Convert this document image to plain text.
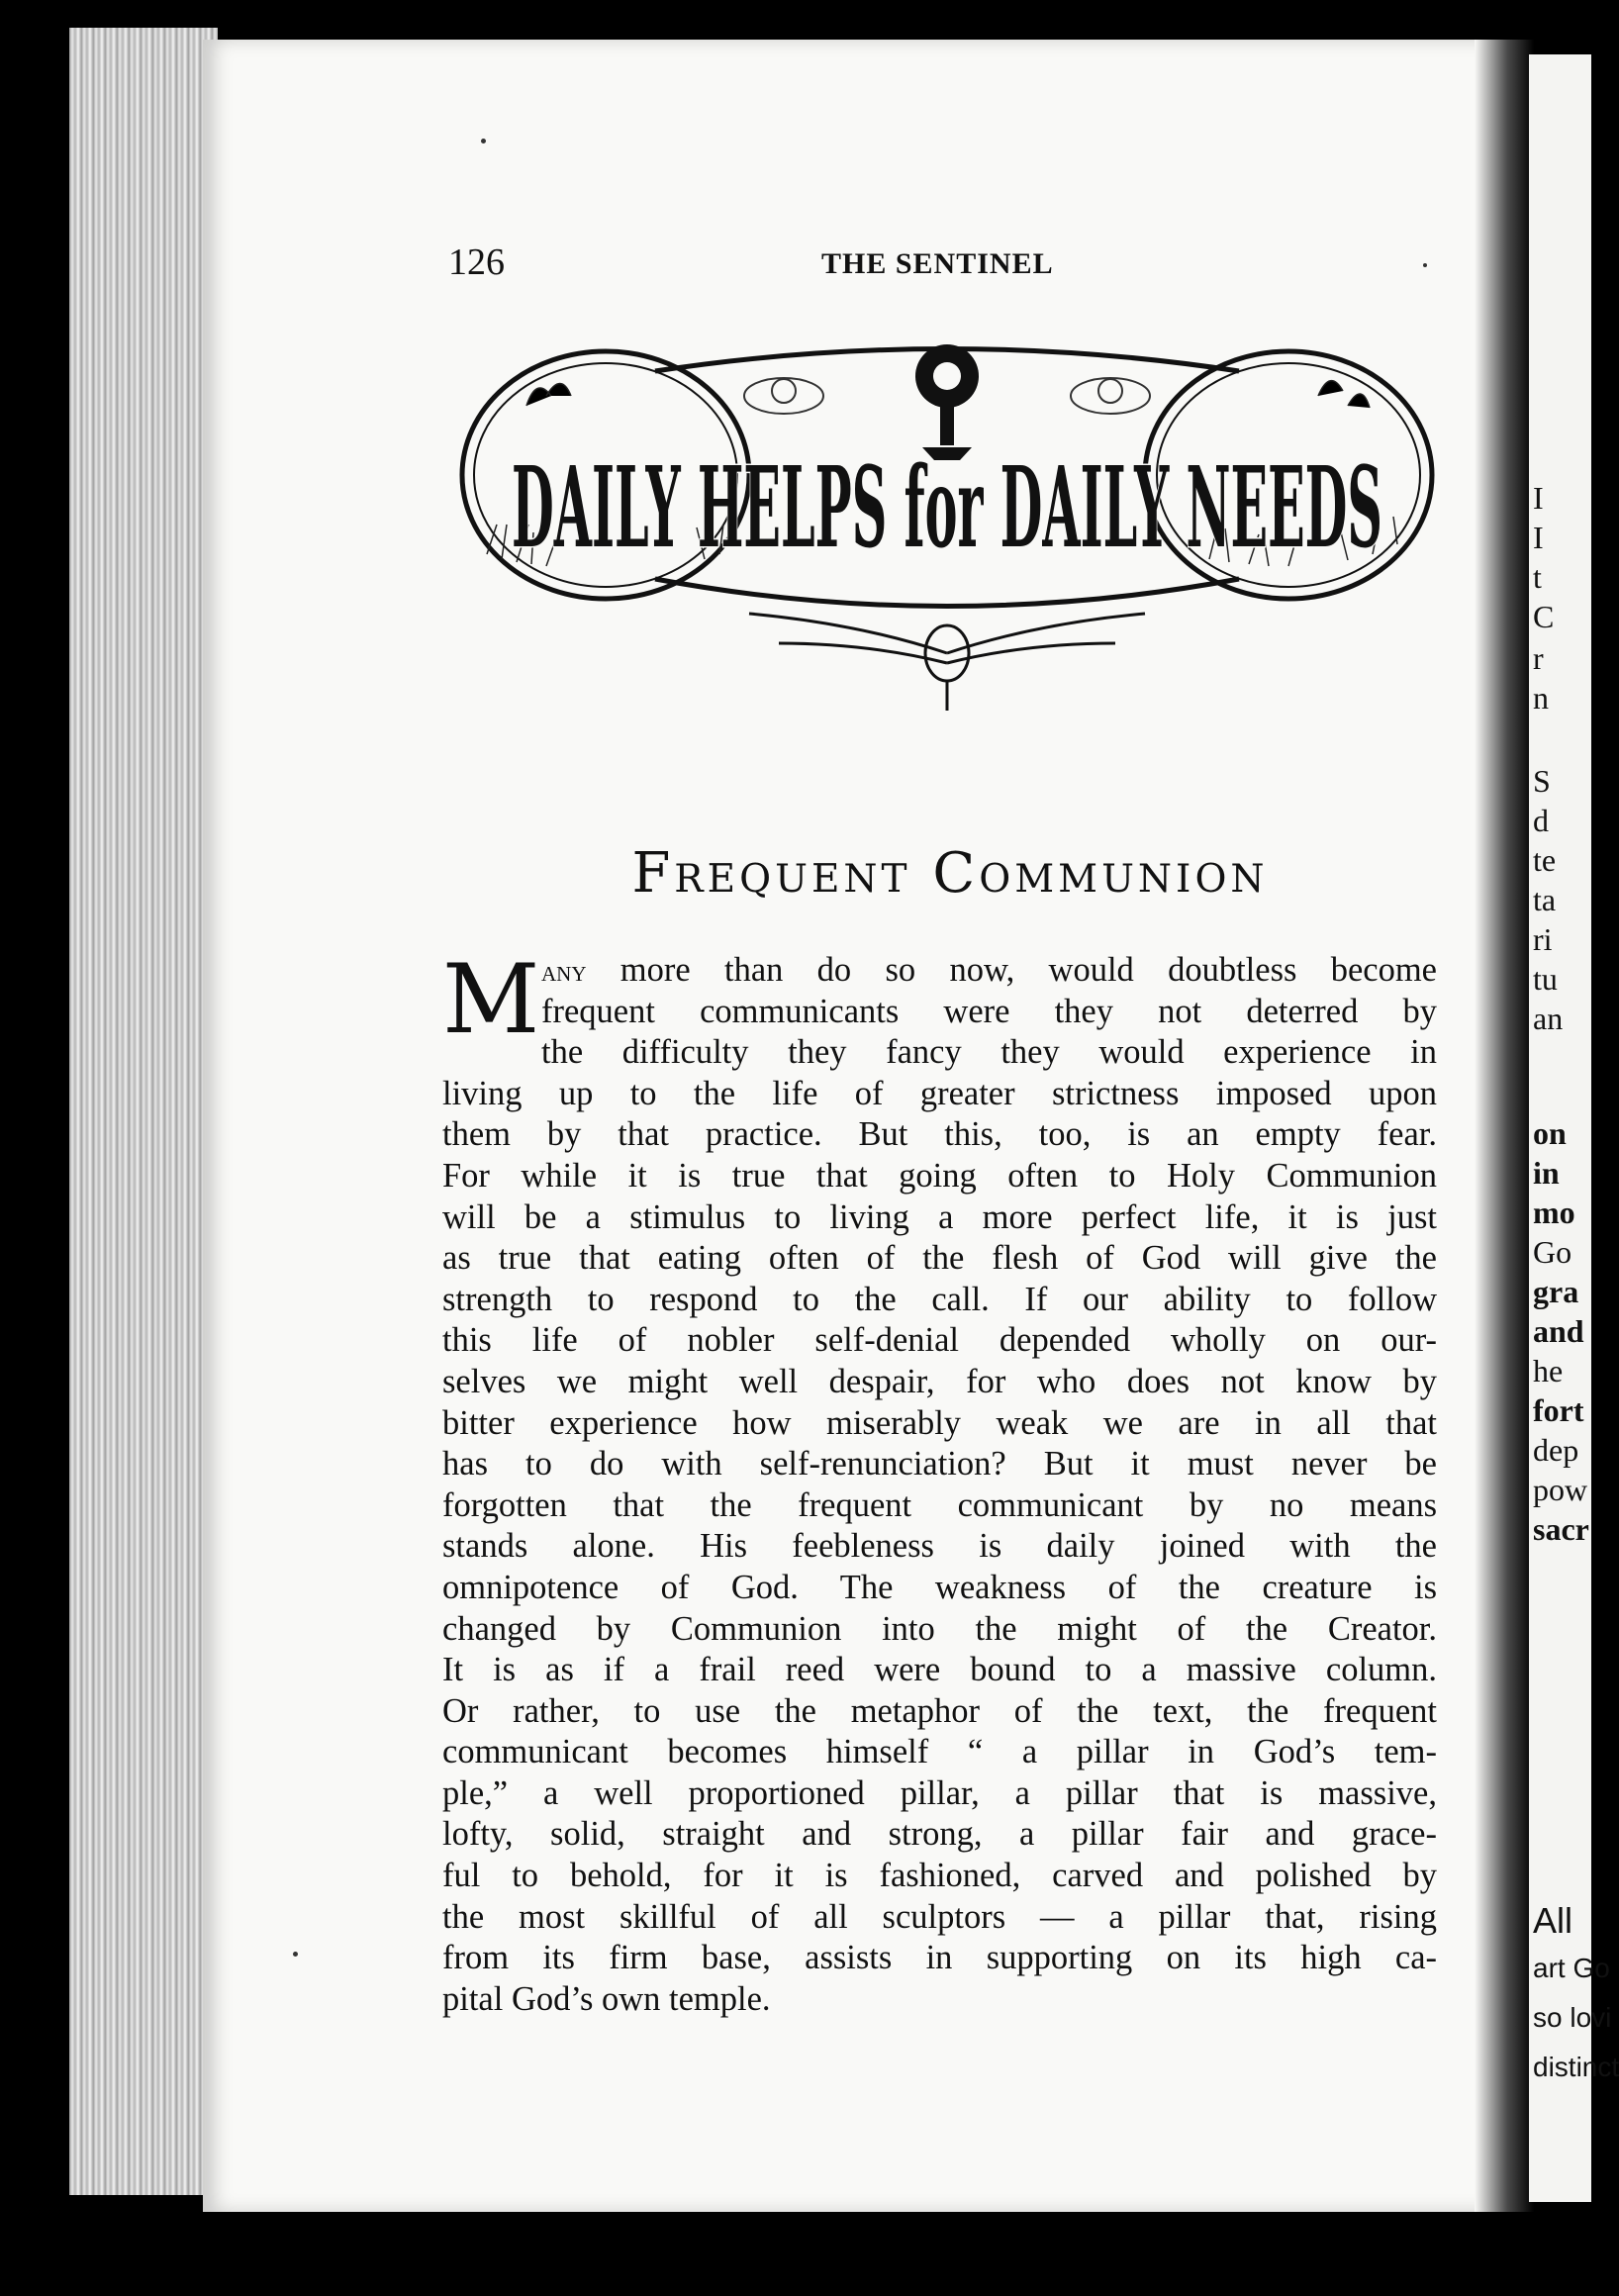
I
I
t
C
r
n
S
d
te
ta
ri
tu
an
on
in
mo
Go
gra
and
he
fort
dep
pow
sacr
All
art Go
so lovi
distinct
126	THE SENTINEL
DAILY HELPS for DAILY NEEDS
Frequent Communion
M any more than do so now, would doubtless become
frequent communicants were they not deterred by
the difficulty they fancy they would experience in
living up to the life of greater strictness imposed upon
them by that practice. But this, too, is an empty fear.
For while it is true that going often to Holy Communion
will be a stimulus to living a more perfect life, it is just
as true that eating often of the flesh of God will give the
strength to respond to the call. If our ability to follow
this life of nobler self-denial depended wholly on our-
selves we might well despair, for who does not know by
bitter experience how miserably weak we are in all that
has to do with self-renunciation? But it must never be
forgotten that the frequent communicant by no means
stands alone. His feebleness is daily joined with the
omnipotence of God. The weakness of the creature is
changed by Communion into the might of the Creator.
It is as if a frail reed were bound to a massive column.
Or rather, to use the metaphor of the text, the frequent
communicant becomes himself “ a pillar in God’s tem-
ple,” a well proportioned pillar, a pillar that is massive,
lofty, solid, straight and strong, a pillar fair and grace-
ful to behold, for it is fashioned, carved and polished by
the most skillful of all sculptors — a pillar that, rising
from its firm base, assists in supporting on its high ca-
pital God’s own temple.
